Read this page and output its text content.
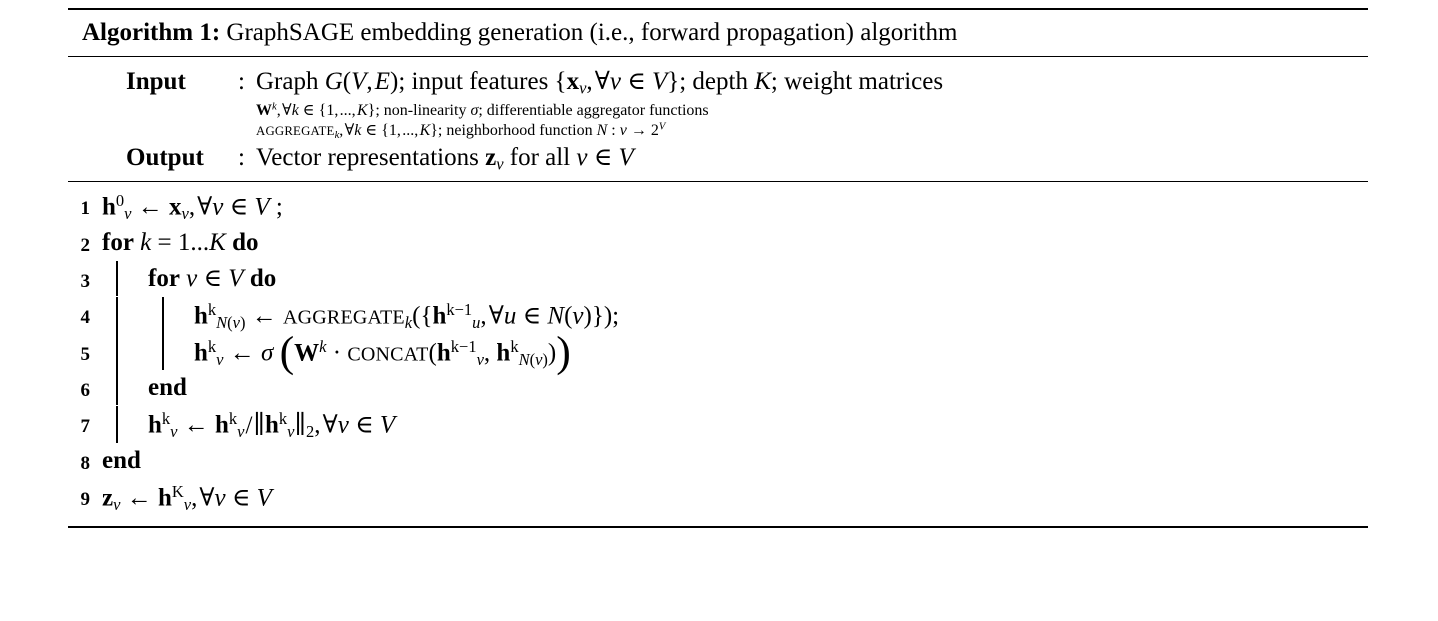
Algorithm 1: GraphSAGE embedding generation (i.e., forward propagation) algorithm
Input	: Graph G(V, E); input features {$x_v$, ∀v ∈ V}; depth K; weight matrices
$W^k$, ∀k ∈ {1, ..., K}; non-linearity σ; differentiable aggregator functions
$AGGREGATE_k$, ∀k ∈ {1, ..., K}; neighborhood function N : $v \to 2^V$
Output	: Vector representations $z_v$ for all v ∈ V
1 $h^0_v$ ← $x_v$, ∀v ∈ V ;
2 for k = 1...K do
3 for v ∈ V do
4	$h^k_{N(v)}$ ← $AGGREGATE_k(\{h^{k-1}_u$, ∀u ∈ N(v)});
5	$h^k_v$ ← σ ($W^k$ · $CONCAT(h^{k-1}_v$, $h^k_{N(v)}$))
6 end
7 $h^k_v$ ← $h^k_v/\parallel h^k_v\parallel_2$, ∀v ∈ V
8 end
9 $z_v$ ← $h^K_v$, ∀v ∈ V
